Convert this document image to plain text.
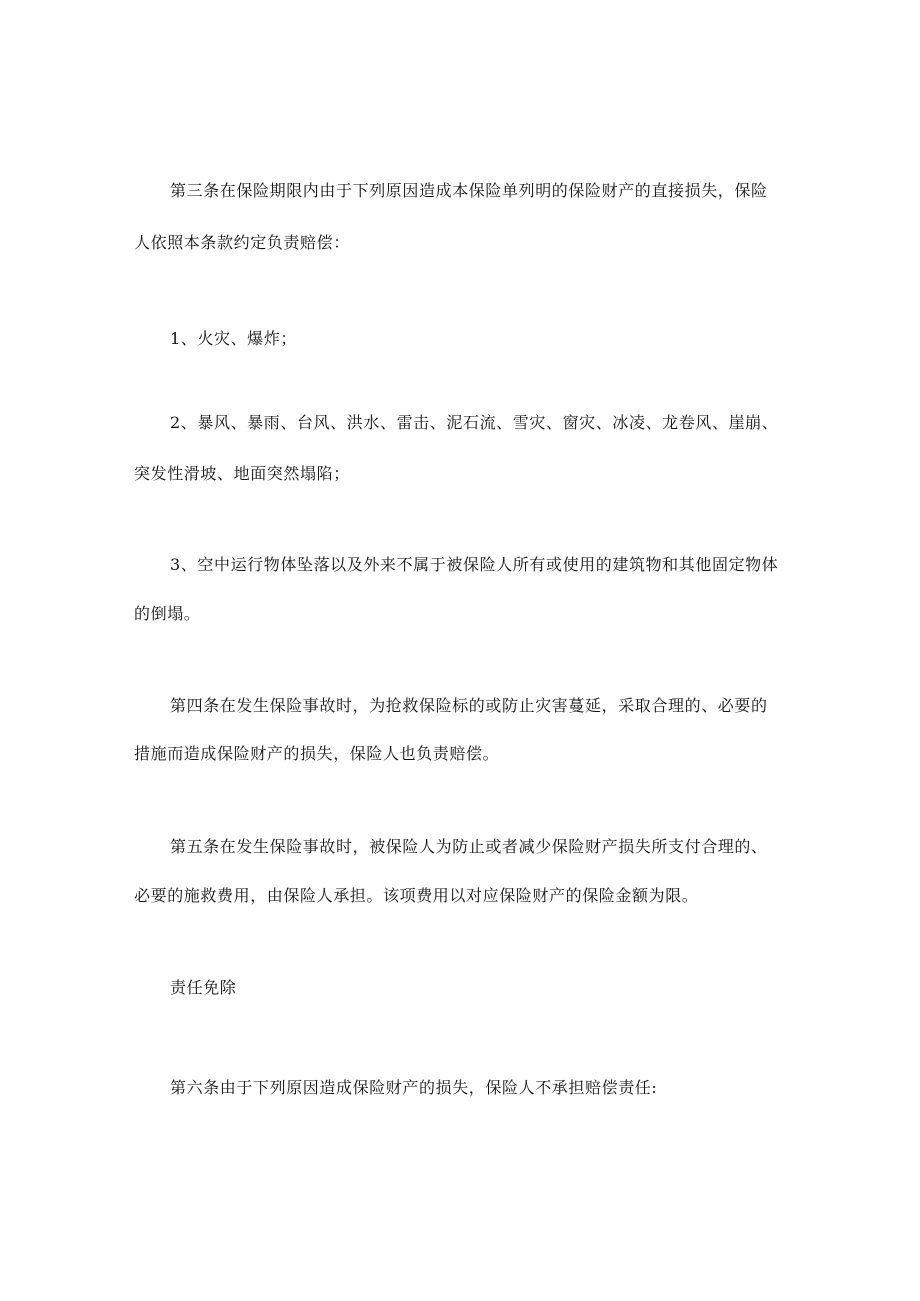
第三条在保险期限内由于下列原因造成本保险单列明的保险财产的直接损失，保险
人依照本条款约定负责赔偿：
1、火灾、爆炸；
2、暴风、暴雨、台风、洪水、雷击、泥石流、雪灾、窗灾、冰凌、龙卷风、崖崩、
突发性滑坡、地面突然塌陷；
3、空中运行物体坠落以及外来不属于被保险人所有或使用的建筑物和其他固定物体
的倒塌。
第四条在发生保险事故时，为抢救保险标的或防止灾害蔓延，采取合理的、必要的
措施而造成保险财产的损失，保险人也负责赔偿。
第五条在发生保险事故时，被保险人为防止或者减少保险财产损失所支付合理的、
必要的施救费用，由保险人承担。该项费用以对应保险财产的保险金额为限。
责任免除
第六条由于下列原因造成保险财产的损失，保险人不承担赔偿责任:
